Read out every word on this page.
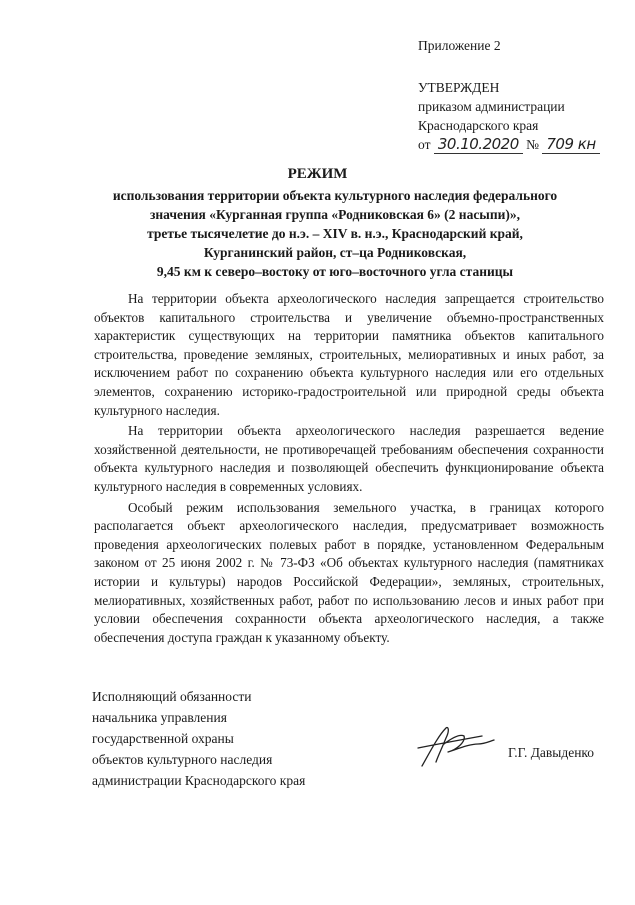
Приложение 2
УТВЕРЖДЕН
приказом администрации
Краснодарского края
от 30.10.2020 № 709 кн
РЕЖИМ
использования территории объекта культурного наследия федерального
значения «Курганная группа «Родниковская 6» (2 насыпи)»,
третье тысячелетие до н.э. – XIV в. н.э., Краснодарский край,
Курганинский район, ст–ца Родниковская,
9,45 км к северо–востоку от юго–восточного угла станицы

На территории объекта археологического наследия запрещается строительство объектов капитального строительства и увеличение объемно-пространственных характеристик существующих на территории памятника объектов капитального строительства, проведение земляных, строительных, мелиоративных и иных работ, за исключением работ по сохранению объекта культурного наследия или его отдельных элементов, сохранению историко-градостроительной или природной среды объекта культурного наследия.

На территории объекта археологического наследия разрешается ведение хозяйственной деятельности, не противоречащей требованиям обеспечения сохранности объекта культурного наследия и позволяющей обеспечить функционирование объекта культурного наследия в современных условиях.

Особый режим использования земельного участка, в границах которого располагается объект археологического наследия, предусматривает возможность проведения археологических полевых работ в порядке, установленном Федеральным законом от 25 июня 2002 г. № 73-ФЗ «Об объектах культурного наследия (памятниках истории и культуры) народов Российской Федерации», земляных, строительных, мелиоративных, хозяйственных работ, работ по использованию лесов и иных работ при условии обеспечения сохранности объекта археологического наследия, а также обеспечения доступа граждан к указанному объекту.

Исполняющий обязанности
начальника управления
государственной охраны
объектов культурного наследия
администрации Краснодарского края
Г.Г. Давыденко
